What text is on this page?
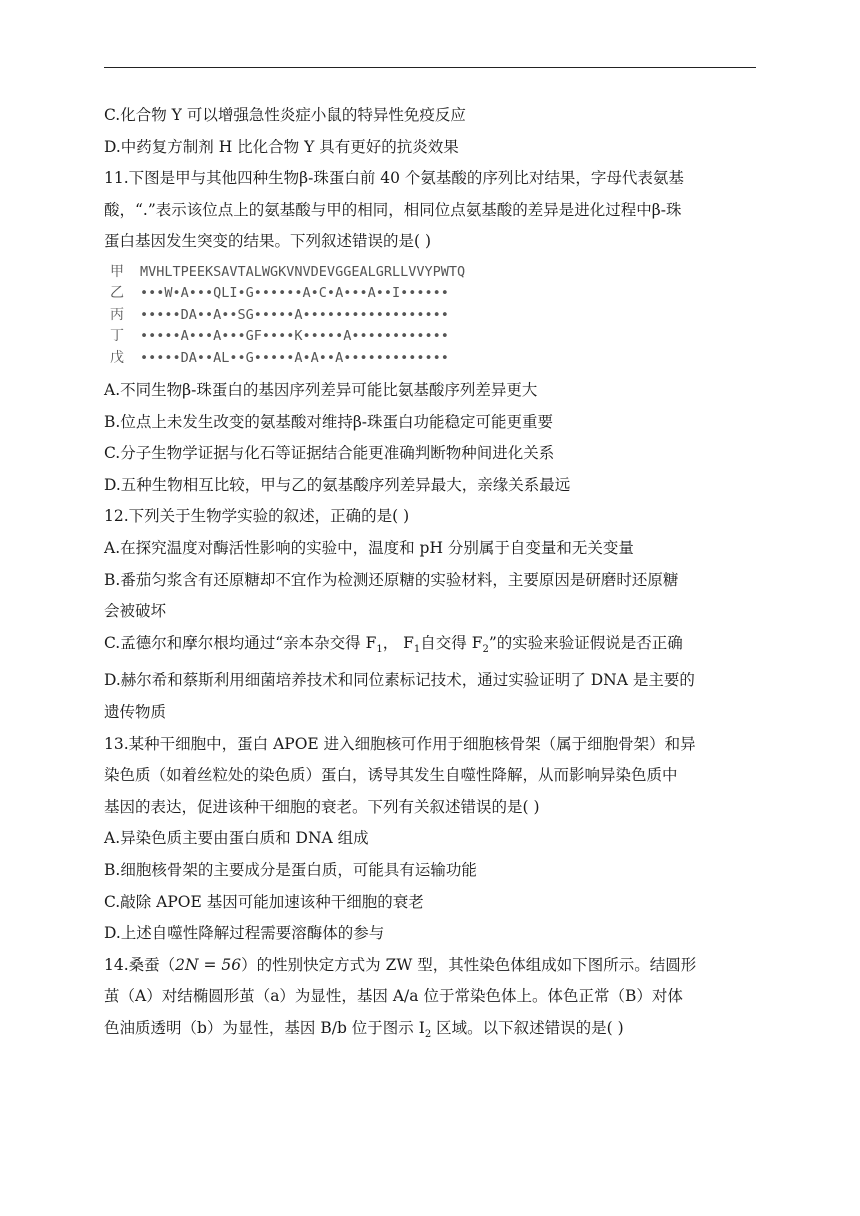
C.化合物 Y 可以增强急性炎症小鼠的特异性免疫反应
D.中药复方制剂 H 比化合物 Y 具有更好的抗炎效果
11.下图是甲与其他四种生物β-珠蛋白前 40 个氨基酸的序列比对结果，字母代表氨基
酸，“.”表示该位点上的氨基酸与甲的相同，相同位点氨基酸的差异是进化过程中β-珠
蛋白基因发生突变的结果。下列叙述错误的是( )
甲	MVHLTPEEKSAVTALWGKVNVDEVGGEALGRLLVVYPWTQ
乙	•••W•A•••QLI•G••••••A•C•A•••A••I••••••
丙	•••••DA••A••SG•••••A••••••••••••••••••
丁	•••••A•••A•••GF••••K•••••A••••••••••••
戊	•••••DA••AL••G•••••A•A••A•••••••••••••
A.不同生物β-珠蛋白的基因序列差异可能比氨基酸序列差异更大
B.位点上未发生改变的氨基酸对维持β-珠蛋白功能稳定可能更重要
C.分子生物学证据与化石等证据结合能更准确判断物种间进化关系
D.五种生物相互比较，甲与乙的氨基酸序列差异最大，亲缘关系最远
12.下列关于生物学实验的叙述，正确的是( )
A.在探究温度对酶活性影响的实验中，温度和 pH 分别属于自变量和无关变量
B.番茄匀浆含有还原糖却不宜作为检测还原糖的实验材料，主要原因是研磨时还原糖
会被破坏
C.孟德尔和摩尔根均通过“亲本杂交得 $F_1$， $F_1$自交得 $F_2$”的实验来验证假说是否正确
D.赫尔希和蔡斯利用细菌培养技术和同位素标记技术，通过实验证明了 DNA 是主要的
遗传物质
13.某种干细胞中，蛋白 APOE 进入细胞核可作用于细胞核骨架（属于细胞骨架）和异
染色质（如着丝粒处的染色质）蛋白，诱导其发生自噬性降解，从而影响异染色质中
基因的表达，促进该种干细胞的衰老。下列有关叙述错误的是( )
A.异染色质主要由蛋白质和 DNA 组成
B.细胞核骨架的主要成分是蛋白质，可能具有运输功能
C.敲除 APOE 基因可能加速该种干细胞的衰老
D.上述自噬性降解过程需要溶酶体的参与
14.桑蚕（2N = 56）的性别快定方式为 ZW 型，其性染色体组成如下图所示。结圆形
茧（A）对结椭圆形茧（a）为显性，基因 A/a 位于常染色体上。体色正常（B）对体
色油质透明（b）为显性，基因 B/b 位于图示 $I_2$ 区域。以下叙述错误的是( )
